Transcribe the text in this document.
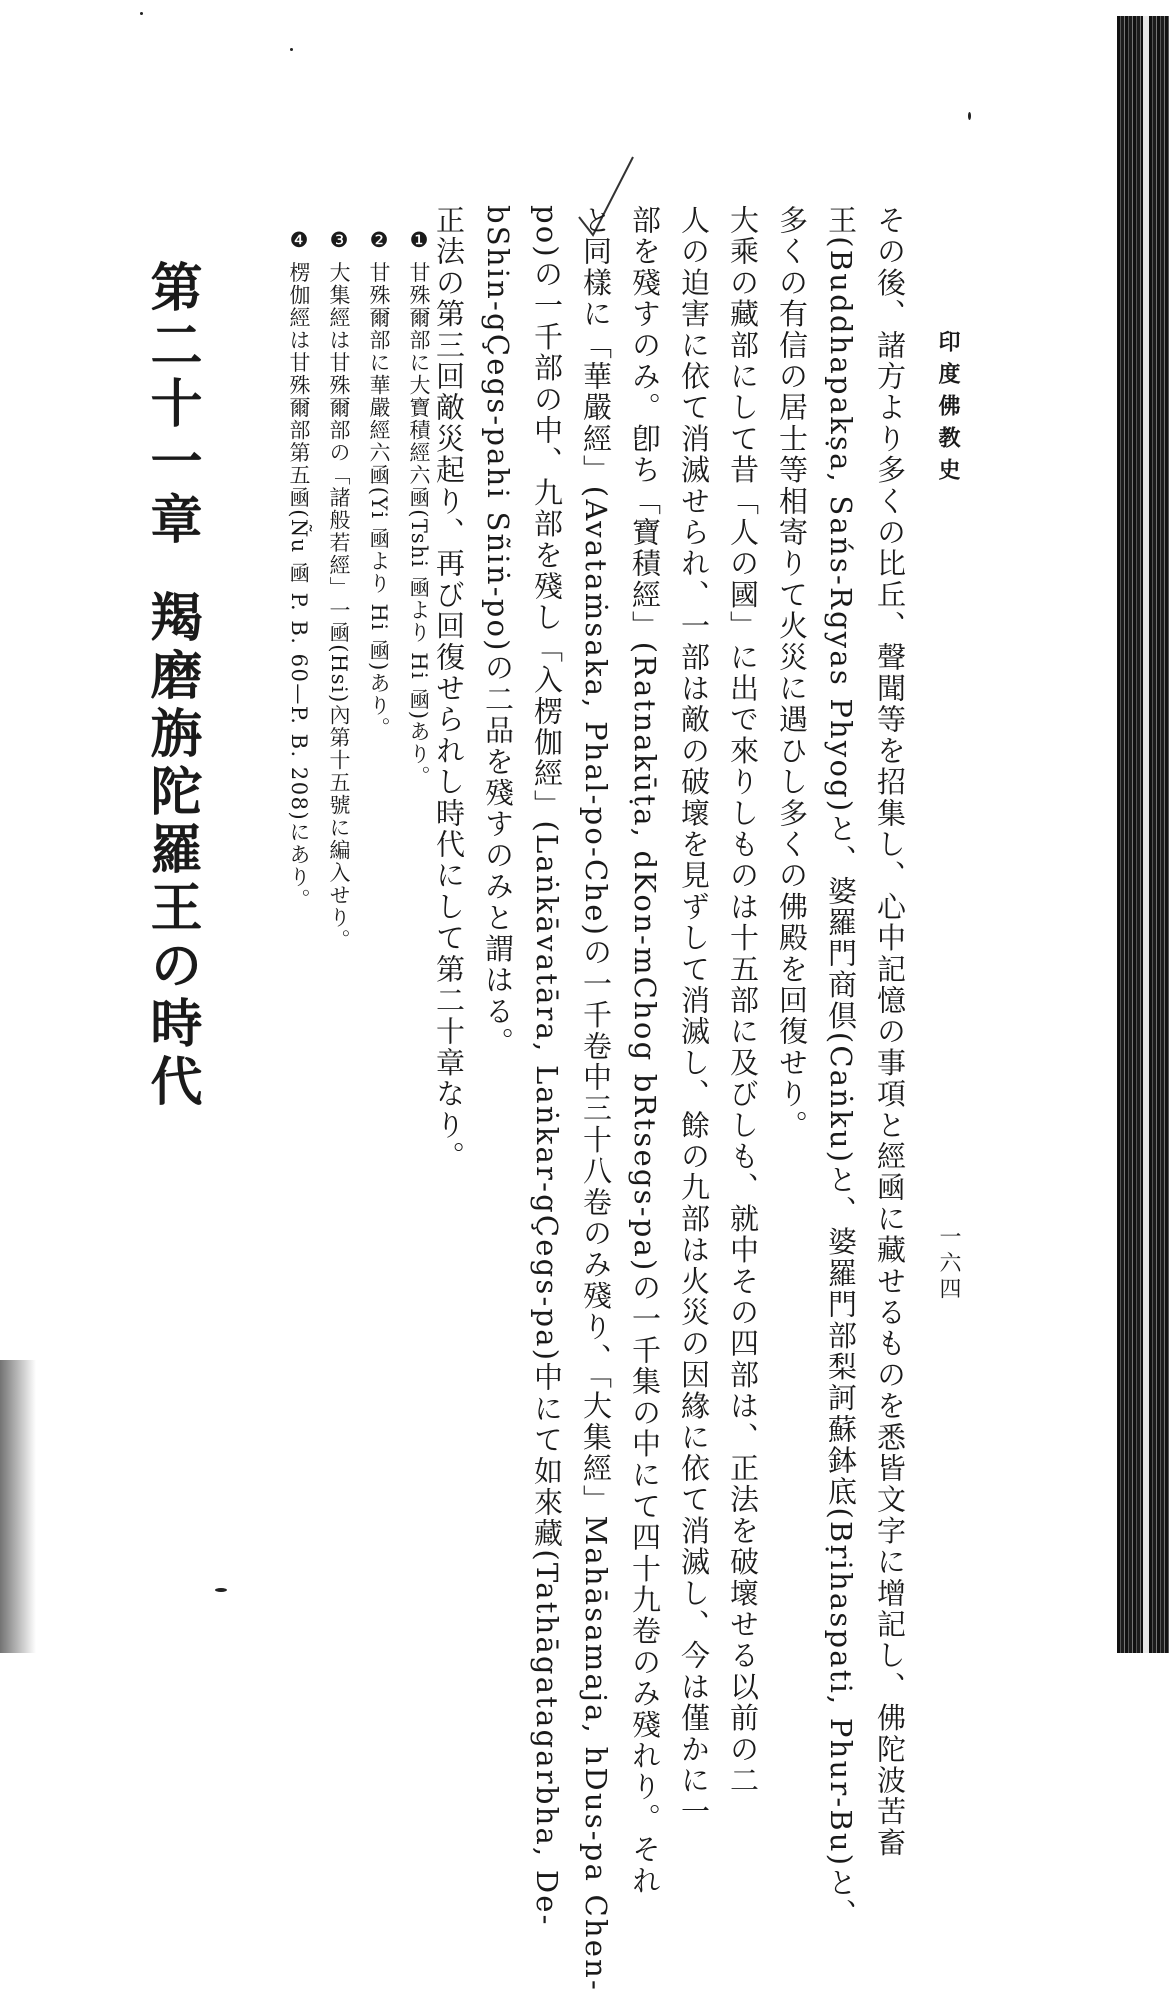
印度佛教史
一六四
その後、諸方より多くの比丘、聲聞等を招集し、心中記憶の事項と經凾に藏せるものを悉皆文字に增記し、佛陀波苦畜
王(Buddhapakṣa, Sańs-Rgyas Phyog)と、婆羅門商倶(Caṅku)と、婆羅門部梨訶蘇鉢底(Bṛihaspati, Phur-Bu)と、
多くの有信の居士等相寄りて火災に遇ひし多くの佛殿を回復せり。
大乘の藏部にして昔「人の國」に出で來りしものは十五部に及びしも、就中その四部は、正法を破壞せる以前の二
人の迫害に依て消滅せられ、一部は敵の破壞を見ずして消滅し、餘の九部は火災の因緣に依て消滅し、今は僅かに一
部を殘すのみ。卽ち「寶積經」(Ratnakūṭa, dKon-mChog bRtsegs-pa)の一千集の中にて四十九卷のみ殘れり。それ
と同樣に「華嚴經」(Avataṁsaka, Phal-po-Che)の一千卷中三十八卷のみ殘り、「大集經」Mahāsamaja, hDus-pa Chen-
po)の一千部の中、九部を殘し「入楞伽經」(Laṅkāvatāra, Laṅkar-gÇegs-pa)中にて如來藏(Tathāgatagarbha, De-
bShin-gÇegs-pahi Sñiṅ-po)の二品を殘すのみと謂はる。
正法の第三回敵災起り、再び回復せられし時代にして第二十章なり。
❶ 甘殊爾部に大寶積經六凾(Tshi 凾より Hi 凾)あり。
❷ 甘殊爾部に華嚴經六凾(Yi 凾より Hi 凾)あり。
❸ 大集經は甘殊爾部の「諸般若經」一凾(Hsi)內第十五號に編入せり。
❹ 楞伽經は甘殊爾部第五凾(Ñu 凾 P. B. 60—P. B. 208)にあり。
第二十一章羯磨旃陀羅王の時代
